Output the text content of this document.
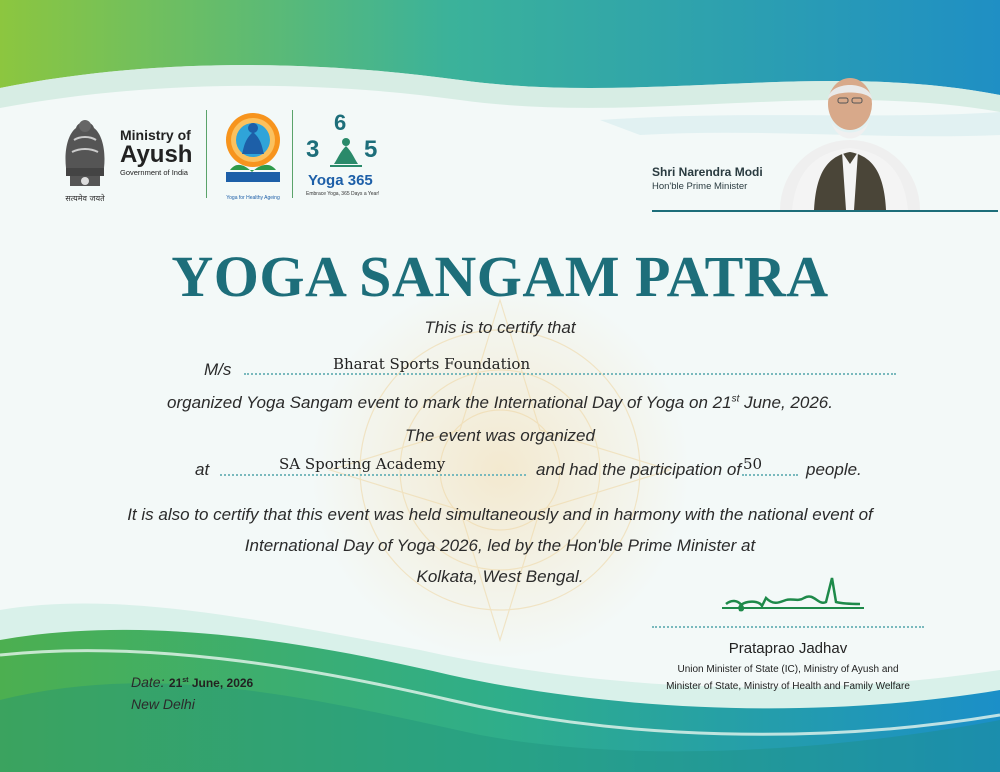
सत्यमेव जयते
Ministry of
Ayush
Government of India
Yoga for Healthy Ageing
6
3 5
Yoga 365
Embrace Yoga, 365 Days a Year!
Shri Narendra Modi
Hon'ble Prime Minister
YOGA SANGAM PATRA
This is to certify that
M/s	Bharat Sports Foundation
organized Yoga Sangam event to mark the International Day of Yoga on 21st June, 2026.
The event was organized
at	SA Sporting Academy	and had the participation of 50	people.
It is also to certify that this event was held simultaneously and in harmony with the national event of
International Day of Yoga 2026, led by the Hon'ble Prime Minister at
Kolkata, West Bengal.
Prataprao Jadhav
Union Minister of State (IC), Ministry of Ayush and
Minister of State, Ministry of Health and Family Welfare
Date: 21st June, 2026
New Delhi
